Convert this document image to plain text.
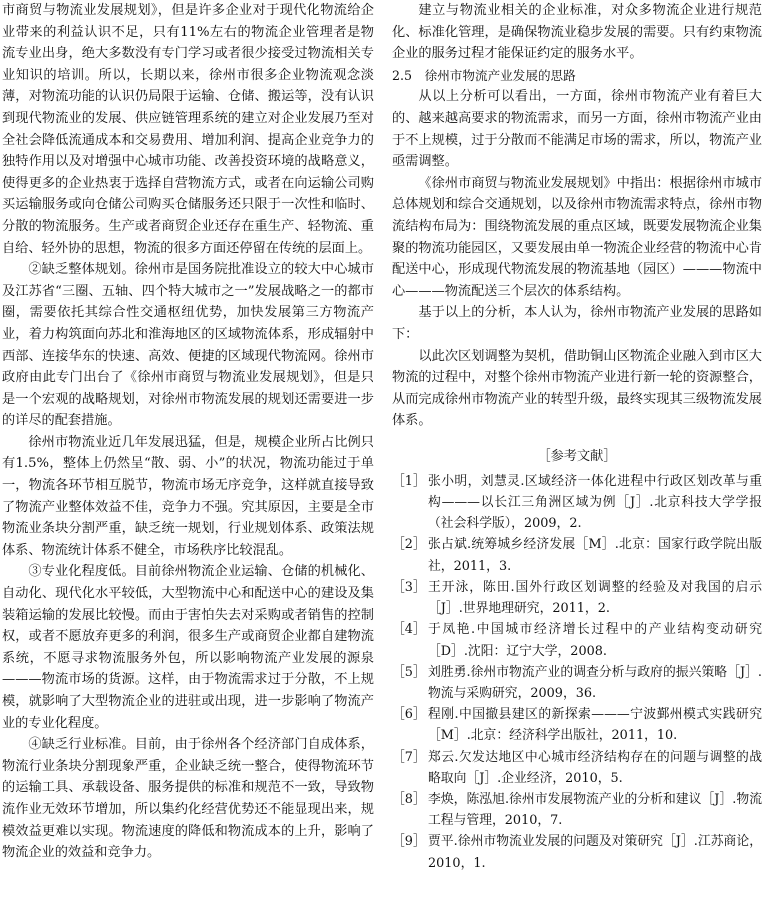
市商贸与物流业发展规划》，但是许多企业对于现代化物流给企业带来的利益认识不足，只有11%左右的物流企业管理者是物流专业出身，绝大多数没有专门学习或者很少接受过物流相关专业知识的培训。所以，长期以来，徐州市很多企业物流观念淡薄，对物流功能的认识仍局限于运输、仓储、搬运等，没有认识到现代物流业的发展、供应链管理系统的建立对企业发展乃至对全社会降低流通成本和交易费用、增加利润、提高企业竞争力的独特作用以及对增强中心城市功能、改善投资环境的战略意义，使得更多的企业热衷于选择自营物流方式，或者在向运输公司购买运输服务或向仓储公司购买仓储服务还只限于一次性和临时、分散的物流服务。生产或者商贸企业还存在重生产、轻物流、重自给、轻外协的思想，物流的很多方面还停留在传统的层面上。

②缺乏整体规划。徐州市是国务院批准设立的较大中心城市及江苏省“三圈、五轴、四个特大城市之一”发展战略之一的都市圈，需要依托其综合性交通枢纽优势，加快发展第三方物流产业，着力构筑面向苏北和淮海地区的区域物流体系，形成辐射中西部、连接华东的快速、高效、便捷的区域现代物流网。徐州市政府由此专门出台了《徐州市商贸与物流业发展规划》，但是只是一个宏观的战略规划，对徐州市物流发展的规划还需要进一步的详尽的配套措施。

徐州市物流业近几年发展迅猛，但是，规模企业所占比例只有1.5%，整体上仍然呈“散、弱、小”的状况，物流功能过于单一，物流各环节相互脱节，物流市场无序竞争，这样就直接导致了物流产业整体效益不佳，竞争力不强。究其原因，主要是全市物流业条块分割严重，缺乏统一规划，行业规划体系、政策法规体系、物流统计体系不健全，市场秩序比较混乱。

③专业化程度低。目前徐州物流企业运输、仓储的机械化、自动化、现代化水平较低，大型物流中心和配送中心的建设及集装箱运输的发展比较慢。而由于害怕失去对采购或者销售的控制权，或者不愿放弃更多的利润，很多生产或商贸企业都自建物流系统，不愿寻求物流服务外包，所以影响物流产业发展的源泉———物流市场的货源。这样，由于物流需求过于分散，不上规模，就影响了大型物流企业的进驻或出现，进一步影响了物流产业的专业化程度。

④缺乏行业标准。目前，由于徐州各个经济部门自成体系，物流行业条块分割现象严重，企业缺乏统一整合，使得物流环节的运输工具、承载设备、服务提供的标准和规范不一致，导致物流作业无效环节增加，所以集约化经营优势还不能显现出来，规模效益更难以实现。物流速度的降低和物流成本的上升，影响了物流企业的效益和竞争力。

建立与物流业相关的企业标准，对众多物流企业进行规范化、标准化管理，是确保物流业稳步发展的需要。只有约束物流企业的服务过程才能保证约定的服务水平。

2.5　徐州市物流产业发展的思路

从以上分析可以看出，一方面，徐州市物流产业有着巨大的、越来越高要求的物流需求，而另一方面，徐州市物流产业由于不上规模，过于分散而不能满足市场的需求，所以，物流产业亟需调整。

《徐州市商贸与物流业发展规划》中指出：根据徐州市城市总体规划和综合交通规划，以及徐州市物流需求特点，徐州市物流结构布局为：围绕物流发展的重点区域，既要发展物流企业集聚的物流功能园区，又要发展由单一物流企业经营的物流中心肯配送中心，形成现代物流发展的物流基地（园区）———物流中心———物流配送三个层次的体系结构。

基于以上的分析，本人认为，徐州市物流产业发展的思路如下：

以此次区划调整为契机，借助铜山区物流企业融入到市区大物流的过程中，对整个徐州市物流产业进行新一轮的资源整合，从而完成徐州市物流产业的转型升级，最终实现其三级物流发展体系。

［参考文献］
［1］ 张小明，刘慧灵.区域经济一体化进程中行政区划改革与重构———以长江三角洲区域为例［J］.北京科技大学学报（社会科学版），2009，2.
［2］ 张占斌.统筹城乡经济发展［M］.北京：国家行政学院出版社，2011，3.
［3］ 王开泳，陈田.国外行政区划调整的经验及对我国的启示［J］.世界地理研究，2011，2.
［4］ 于凤艳.中国城市经济增长过程中的产业结构变动研究［D］.沈阳：辽宁大学，2008.
［5］ 刘胜勇.徐州市物流产业的调查分析与政府的振兴策略［J］.物流与采购研究，2009，36.
［6］ 程刚.中国撤县建区的新探索———宁波鄞州模式实践研究［M］.北京：经济科学出版社，2011，10.
［7］ 郑云.欠发达地区中心城市经济结构存在的问题与调整的战略取向［J］.企业经济，2010，5.
［8］ 李焕，陈泓旭.徐州市发展物流产业的分析和建议［J］.物流工程与管理，2010，7.
［9］ 贾平.徐州市物流业发展的问题及对策研究［J］.江苏商论，2010，1.
